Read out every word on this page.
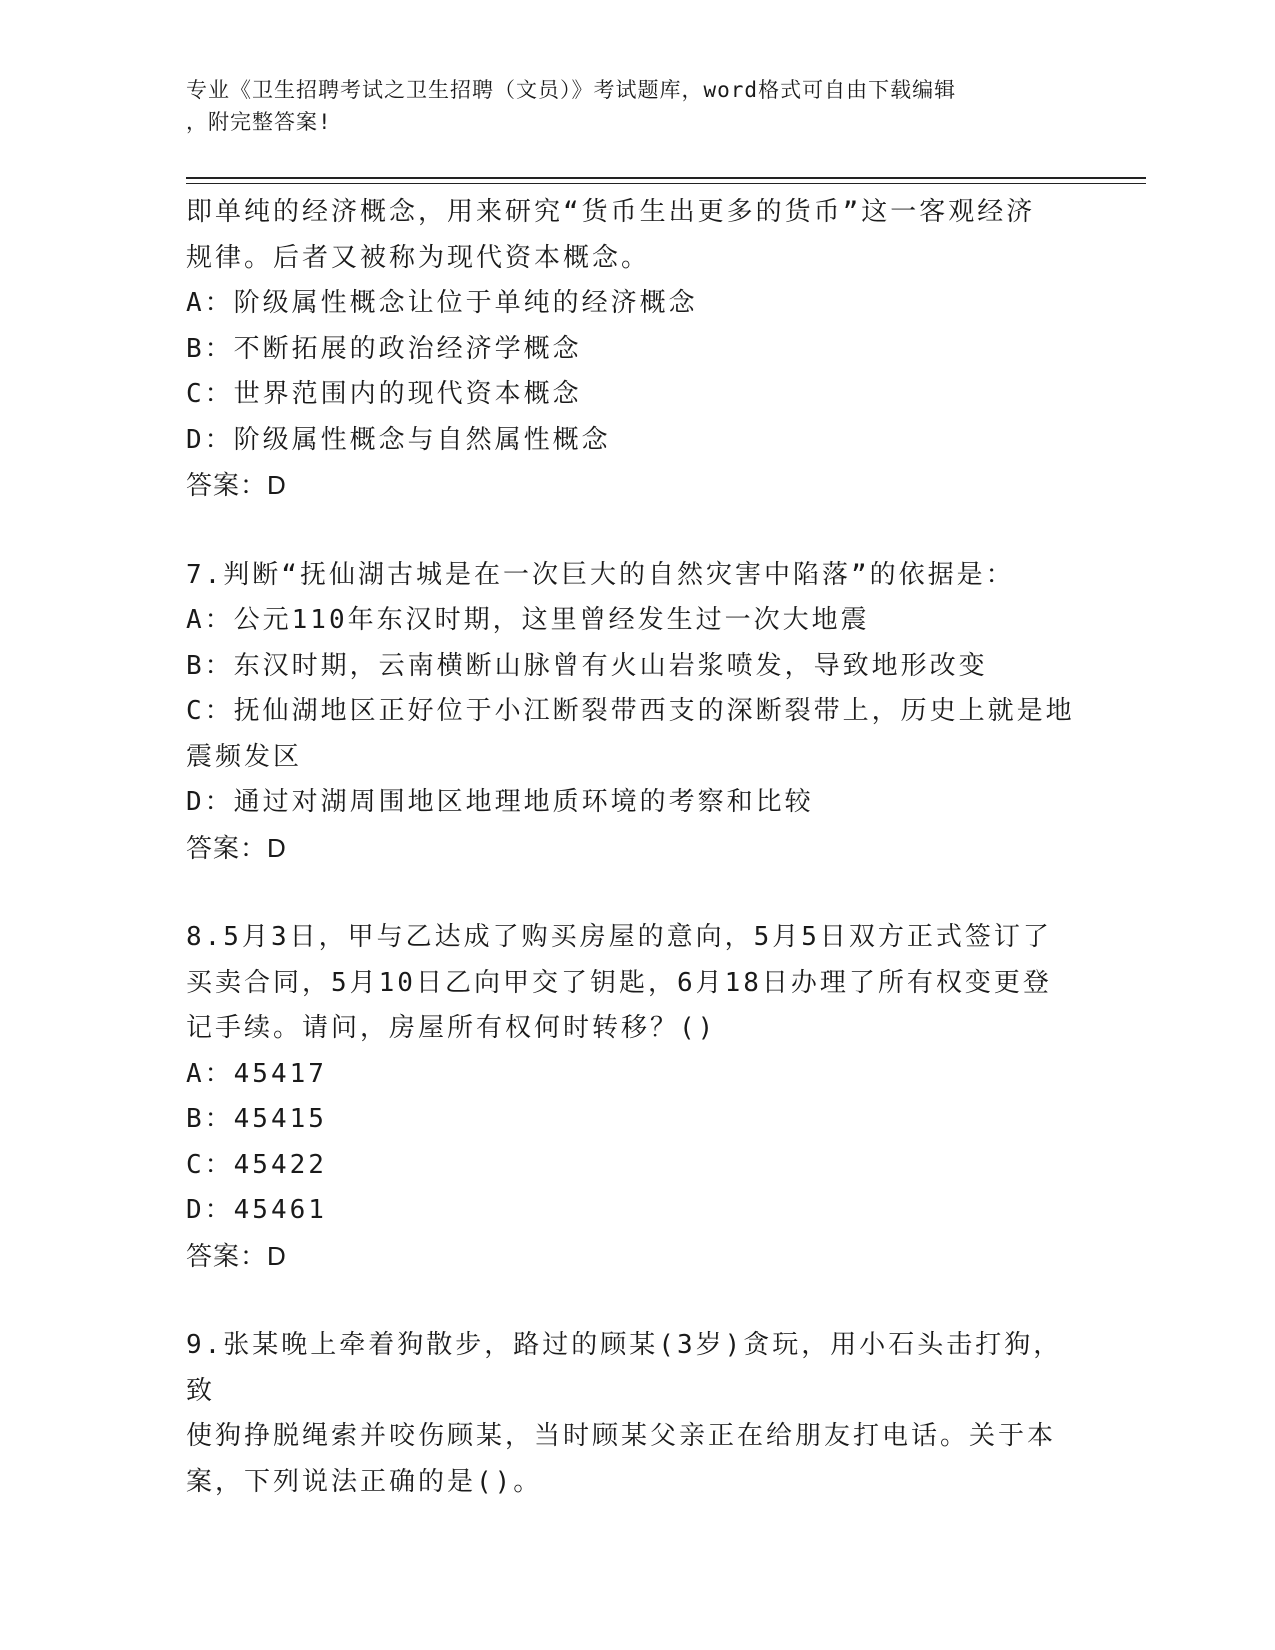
专业《卫生招聘考试之卫生招聘（文员）》考试题库，word格式可自由下载编辑
，附完整答案!

即单纯的经济概念，用来研究“货币生出更多的货币”这一客观经济

规律。后者又被称为现代资本概念。

A：阶级属性概念让位于单纯的经济概念

B：不断拓展的政治经济学概念

C：世界范围内的现代资本概念

D：阶级属性概念与自然属性概念

答案：D

7.判断“抚仙湖古城是在一次巨大的自然灾害中陷落”的依据是：

A：公元110年东汉时期，这里曾经发生过一次大地震

B：东汉时期，云南横断山脉曾有火山岩浆喷发，导致地形改变

C：抚仙湖地区正好位于小江断裂带西支的深断裂带上，历史上就是地

震频发区

D：通过对湖周围地区地理地质环境的考察和比较

答案：D

8.5月3日，甲与乙达成了购买房屋的意向，5月5日双方正式签订了

买卖合同，5月10日乙向甲交了钥匙，6月18日办理了所有权变更登

记手续。请问，房屋所有权何时转移？()

A：45417

B：45415

C：45422

D：45461

答案：D

9.张某晚上牵着狗散步，路过的顾某(3岁)贪玩，用小石头击打狗，致

使狗挣脱绳索并咬伤顾某，当时顾某父亲正在给朋友打电话。关于本

案，下列说法正确的是()。
